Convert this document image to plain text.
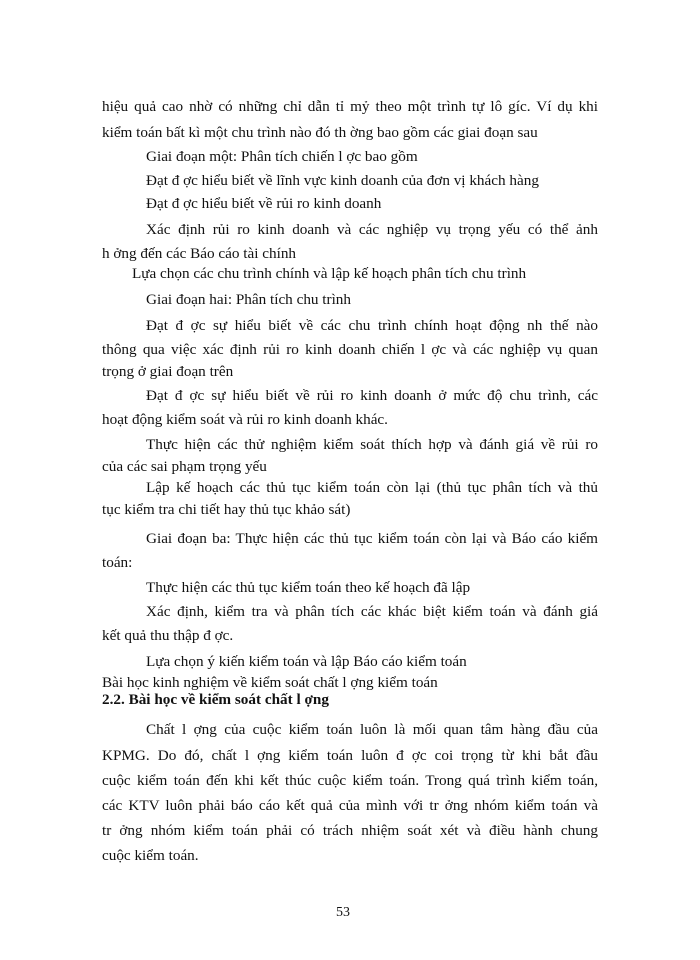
hiệu quả cao nhờ có những chỉ dẫn tỉ mỷ theo một trình tự lô gíc. Ví dụ khi
kiểm toán bất kì một chu trình nào đó th ờng bao gồm các giai đoạn sau
Giai đoạn một: Phân tích chiến l ợc bao gồm
Đạt đ ợc hiểu biết về lĩnh vực kinh doanh của đơn vị khách hàng
Đạt đ ợc hiểu biết về rủi ro kinh doanh
Xác định rủi ro kinh doanh và các nghiệp vụ trọng yếu có thể ảnh
h ởng đến các Báo cáo tài chính
Lựa chọn các chu trình chính và lập kế hoạch phân tích chu trình
Giai đoạn hai: Phân tích chu trình
Đạt đ ợc sự hiểu biết về các chu trình chính hoạt động nh thế nào
thông qua việc xác định rủi ro kinh doanh chiến l ợc và các nghiệp vụ quan
trọng ở giai đoạn trên
Đạt đ ợc sự hiểu biết về rủi ro kinh doanh ở mức độ chu trình, các
hoạt động kiểm soát và rủi ro kinh doanh khác.
Thực hiện các thử nghiệm kiểm soát thích hợp và đánh giá về rủi ro
của các sai phạm trọng yếu
Lập kế hoạch các thủ tục kiểm toán còn lại (thủ tục phân tích và thủ
tục kiểm tra chi tiết hay thủ tục khảo sát)
Giai đoạn ba: Thực hiện các thủ tục kiểm toán còn lại và Báo cáo kiểm
toán:
Thực hiện các thủ tục kiểm toán theo kế hoạch đã lập
Xác định, kiểm tra và phân tích các khác biệt kiểm toán và đánh giá
kết quả thu thập đ ợc.
Lựa chọn ý kiến kiểm toán và lập Báo cáo kiểm toán
Bài học kinh nghiệm về kiểm soát chất l ợng kiểm toán
2.2. Bài học về kiểm soát chất l ợng
Chất l ợng của cuộc kiểm toán luôn là mối quan tâm hàng đầu của
KPMG. Do đó, chất l ợng kiểm toán luôn đ ợc coi trọng từ khi bắt đầu
cuộc kiểm toán đến khi kết thúc cuộc kiểm toán. Trong quá trình kiểm toán,
các KTV luôn phải báo cáo kết quả của mình với tr ởng nhóm kiểm toán và
tr ởng nhóm kiểm toán phải có trách nhiệm soát xét và điều hành chung
cuộc kiểm toán.
53
